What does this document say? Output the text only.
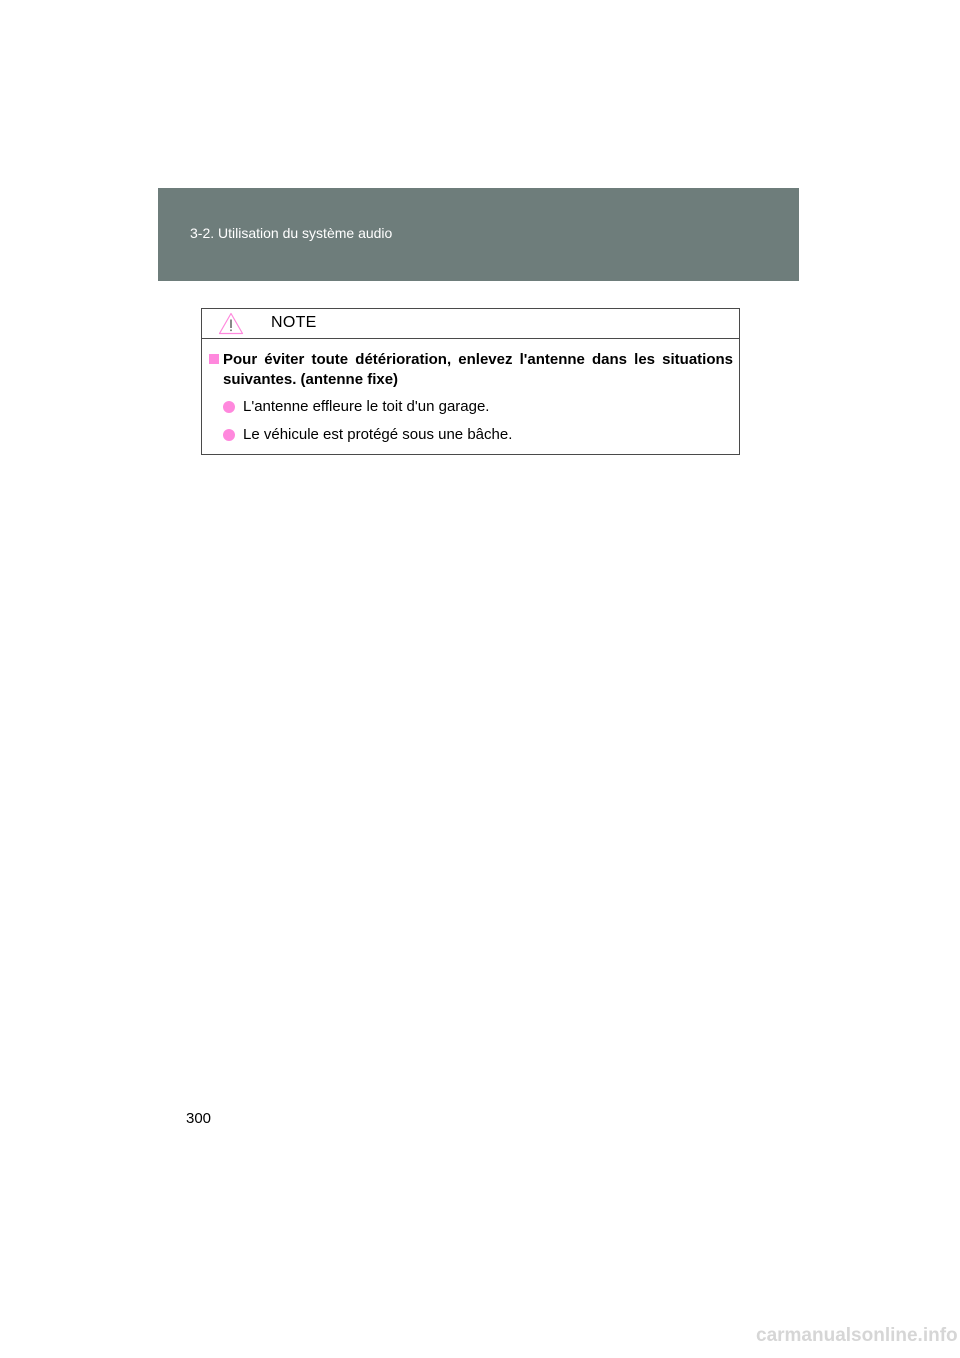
3-2. Utilisation du système audio
NOTE
Pour éviter toute détérioration, enlevez l'antenne dans les situations suivantes. (antenne fixe)
L'antenne effleure le toit d'un garage.
Le véhicule est protégé sous une bâche.
300
carmanualsonline.info
